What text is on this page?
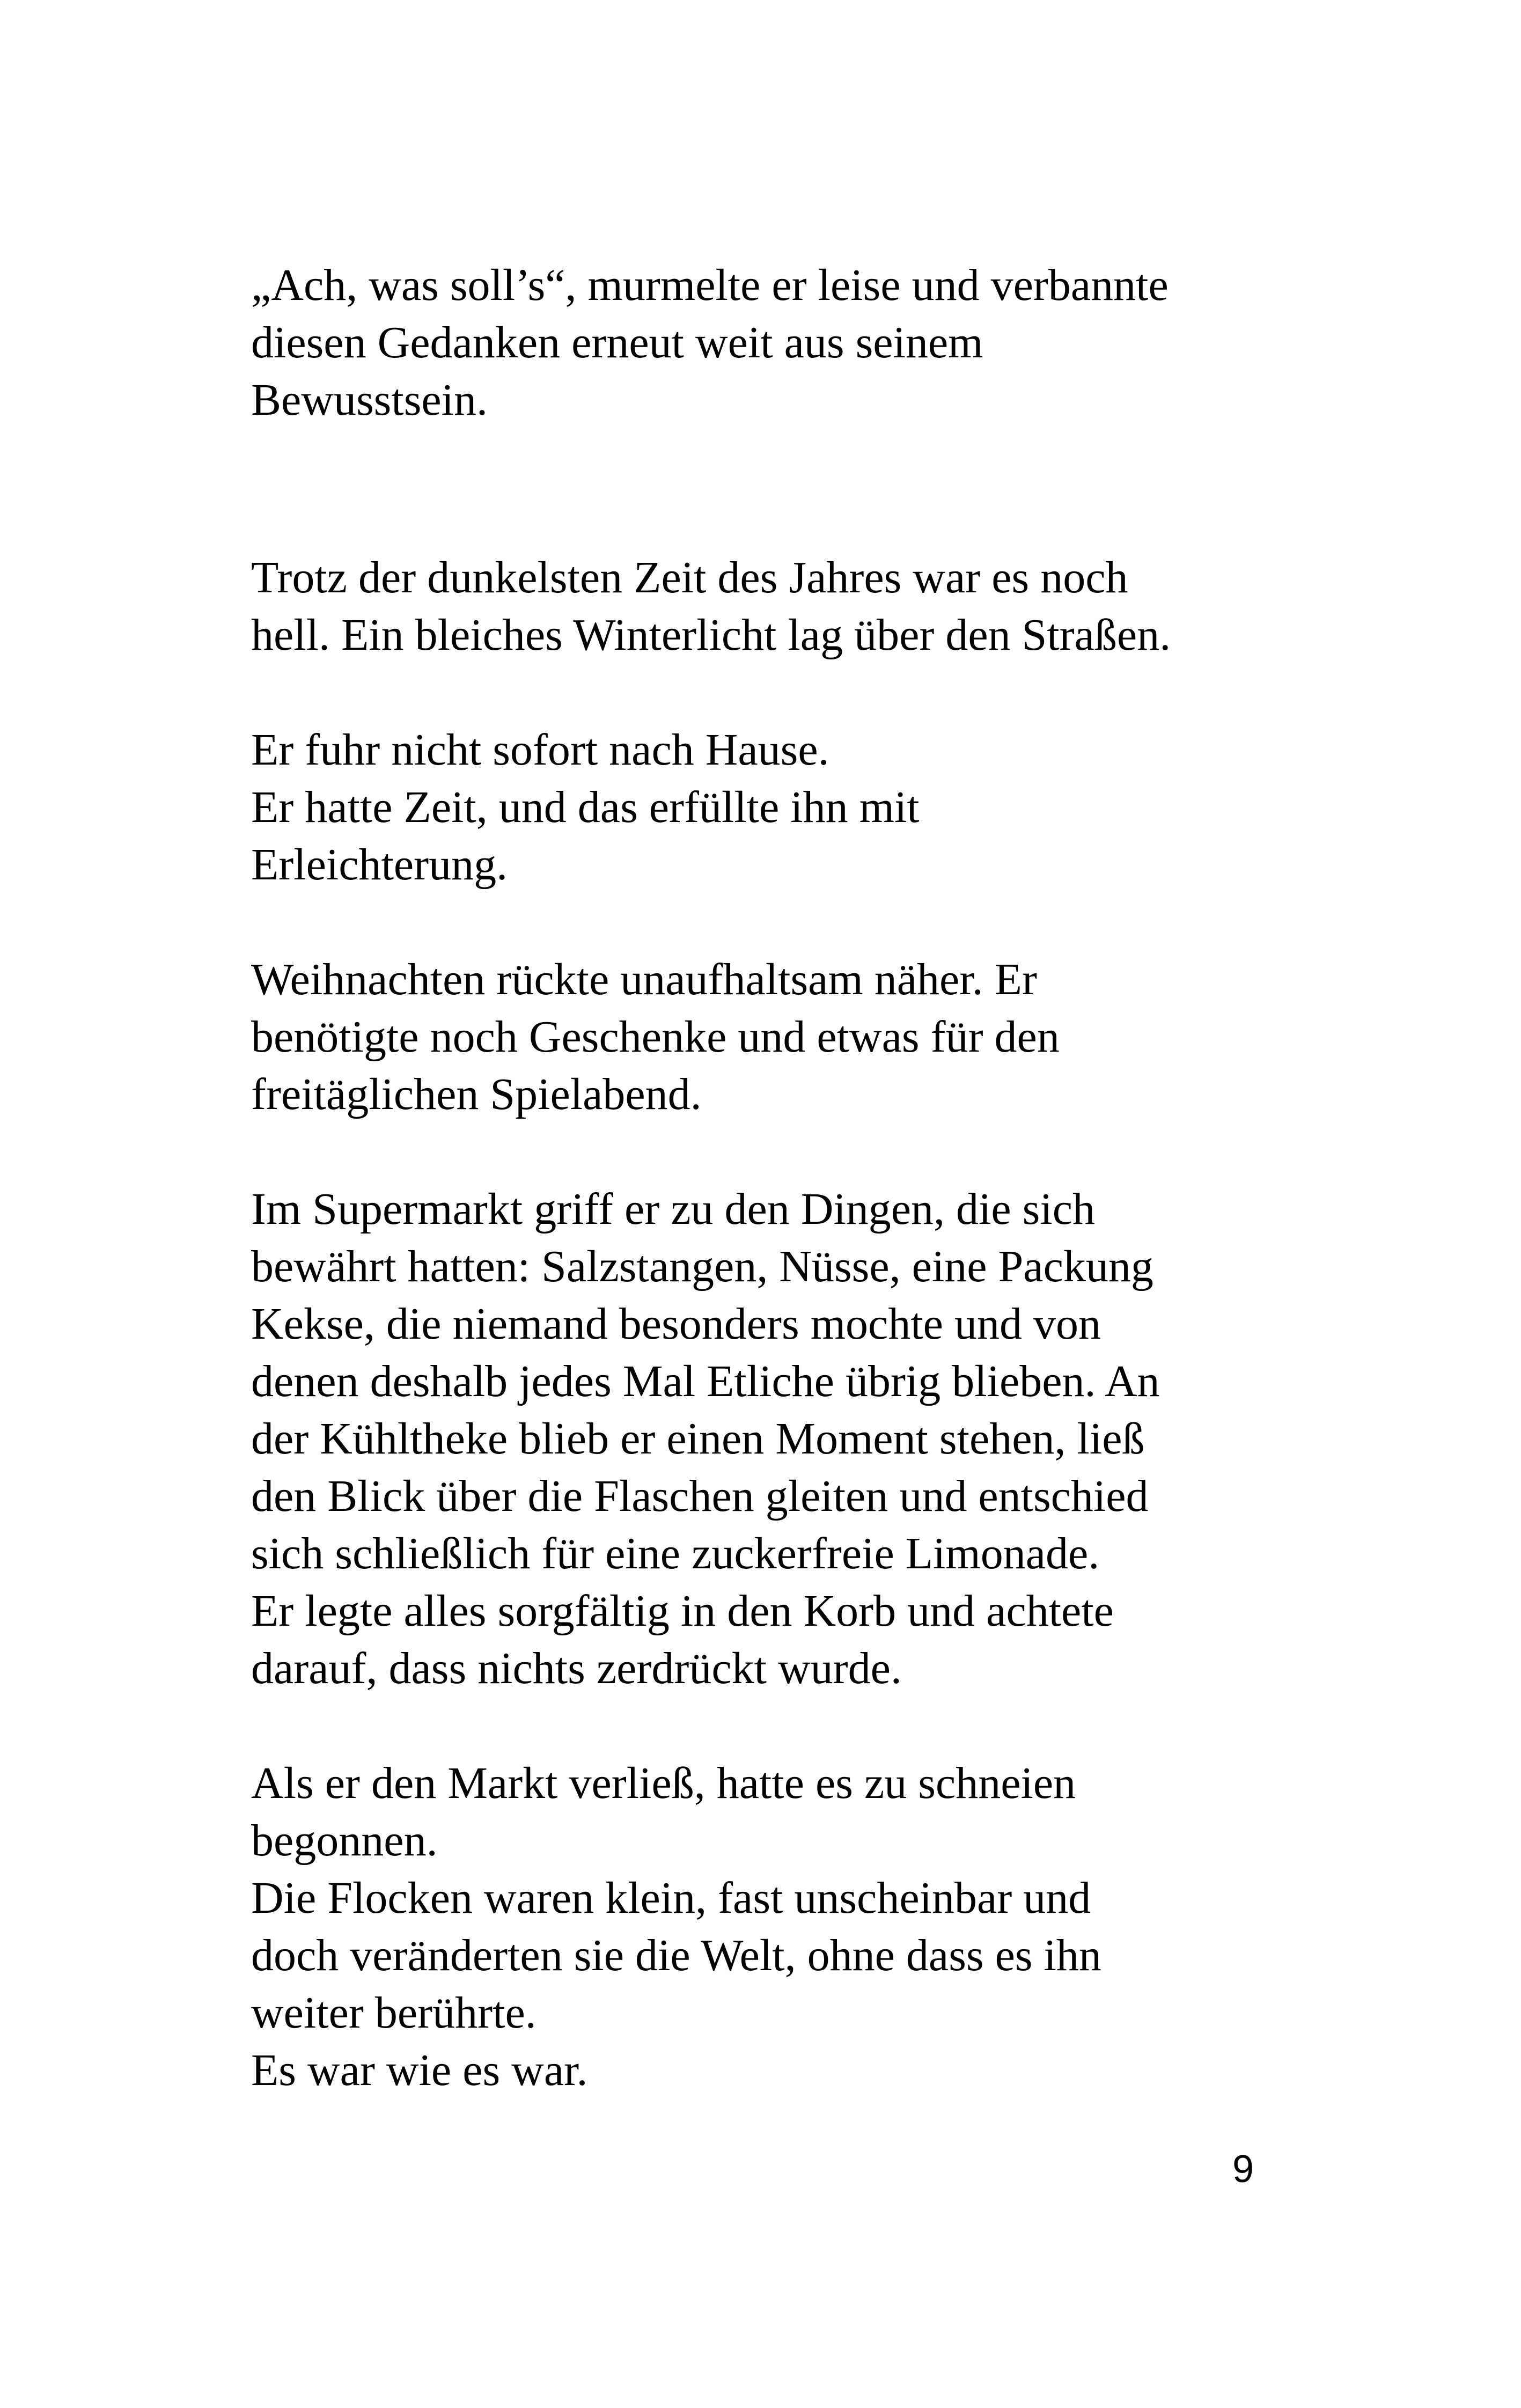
„Ach, was soll’s“, murmelte er leise und verbannte
diesen Gedanken erneut weit aus seinem
Bewusstsein.
Trotz der dunkelsten Zeit des Jahres war es noch
hell. Ein bleiches Winterlicht lag über den Straßen.
Er fuhr nicht sofort nach Hause.
Er hatte Zeit, und das erfüllte ihn mit
Erleichterung.
Weihnachten rückte unaufhaltsam näher. Er
benötigte noch Geschenke und etwas für den
freitäglichen Spielabend.
Im Supermarkt griff er zu den Dingen, die sich
bewährt hatten: Salzstangen, Nüsse, eine Packung
Kekse, die niemand besonders mochte und von
denen deshalb jedes Mal Etliche übrig blieben. An
der Kühltheke blieb er einen Moment stehen, ließ
den Blick über die Flaschen gleiten und entschied
sich schließlich für eine zuckerfreie Limonade.
Er legte alles sorgfältig in den Korb und achtete
darauf, dass nichts zerdrückt wurde.
Als er den Markt verließ, hatte es zu schneien
begonnen.
Die Flocken waren klein, fast unscheinbar und
doch veränderten sie die Welt, ohne dass es ihn
weiter berührte.
Es war wie es war.
9
